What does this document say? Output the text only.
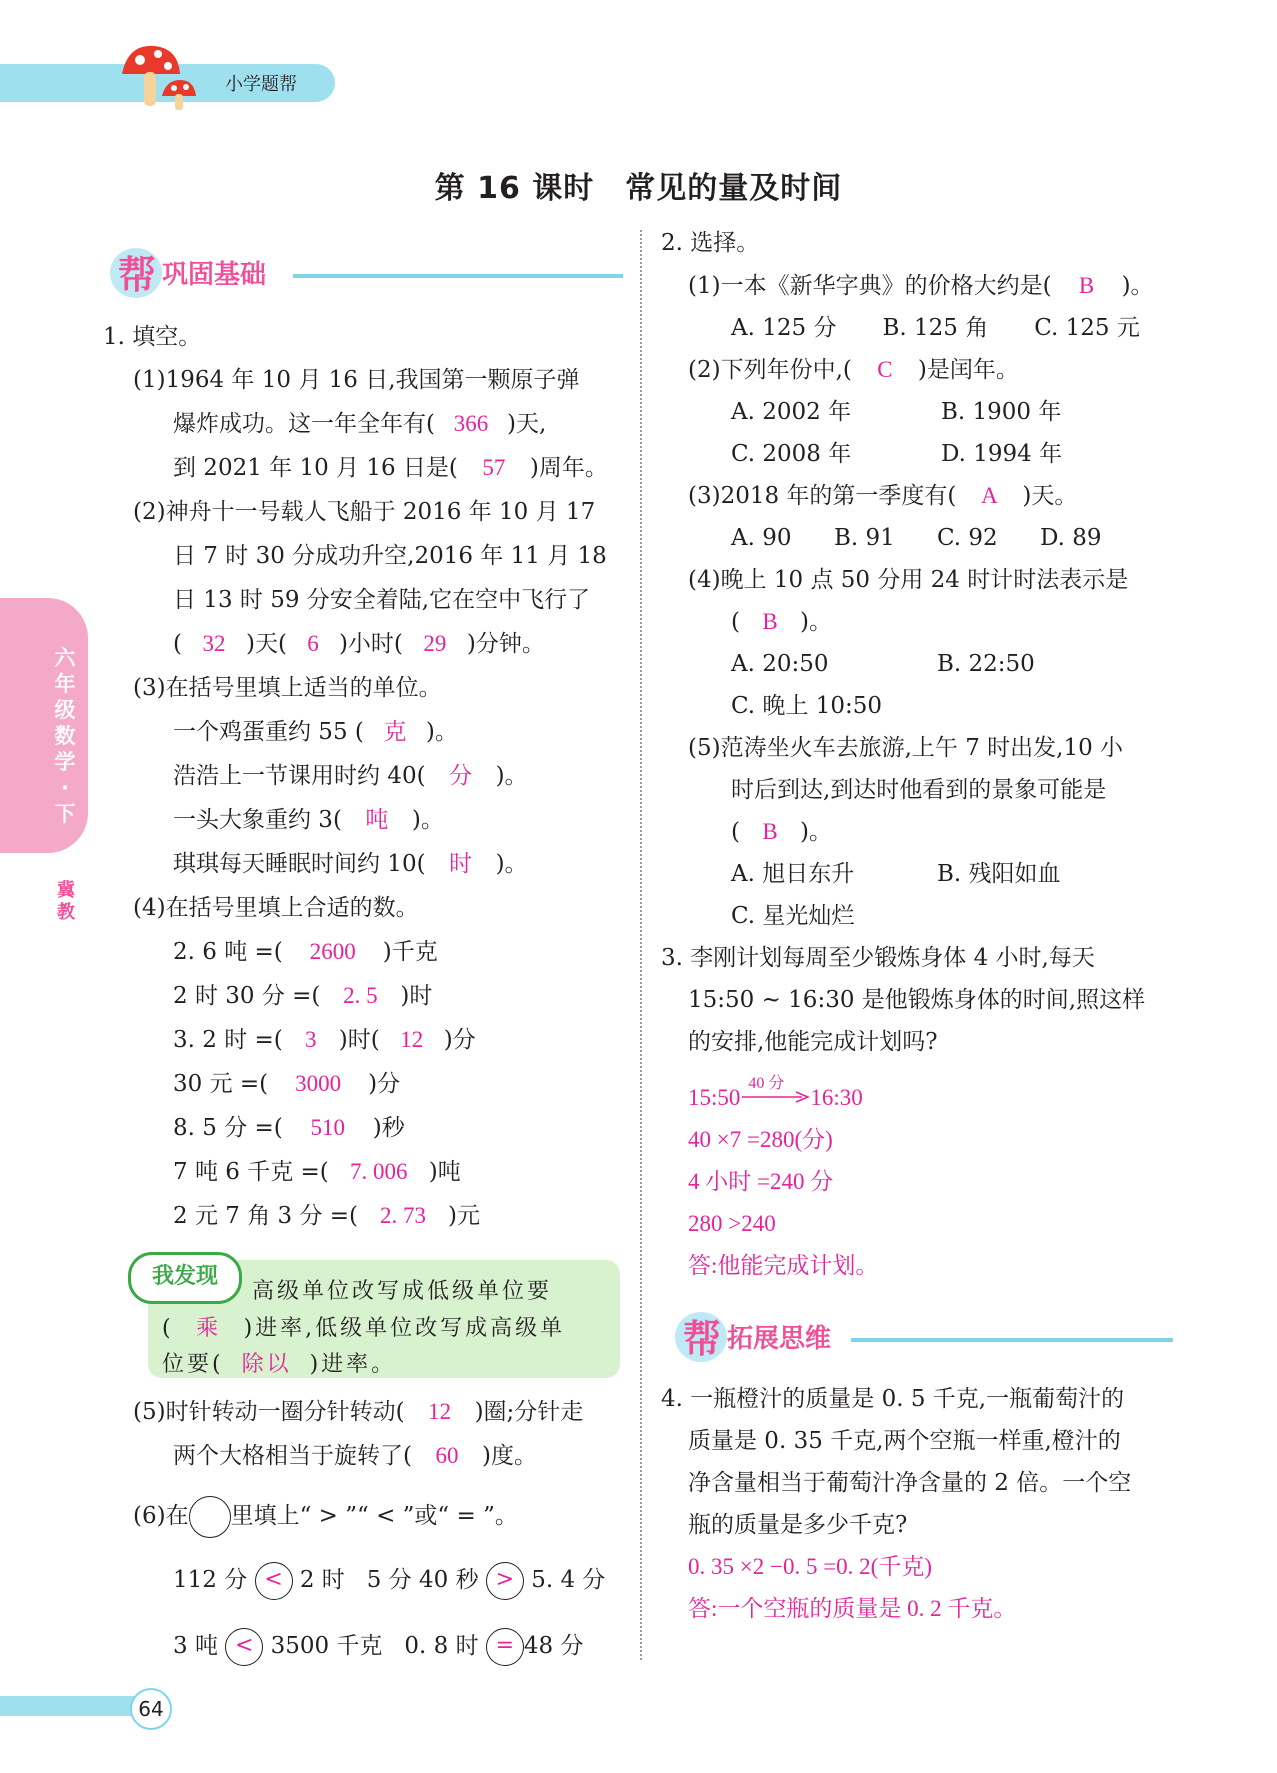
小学题帮
第 16 课时　常见的量及时间
六年级数学·下
冀教
帮 巩固基础
1. 填空。
(1)1964 年 10 月 16 日,我国第一颗原子弹
爆炸成功。这一年全年有( 366 )天,
到 2021 年 10 月 16 日是( 57 )周年。
(2)神舟十一号载人飞船于 2016 年 10 月 17
日 7 时 30 分成功升空,2016 年 11 月 18
日 13 时 59 分安全着陆,它在空中飞行了
( 32 )天( 6 )小时( 29 )分钟。
(3)在括号里填上适当的单位。
一个鸡蛋重约 55 ( 克 )。
浩浩上一节课用时约 40( 分 )。
一头大象重约 3( 吨 )。
琪琪每天睡眠时间约 10( 时 )。
(4)在括号里填上合适的数。
2. 6 吨 =( 2600 )千克
2 时 30 分 =( 2. 5 )时
3. 2 时 =( 3 )时( 12 )分
30 元 =( 3000 )分
8. 5 分 =( 510 )秒
7 吨 6 千克 =( 7. 006 )吨
2 元 7 角 3 分 =( 2. 73 )元
我发现
高级单位改写成低级单位要
( 乘 )进率,低级单位改写成高级单
位要( 除以 )进率。
(5)时针转动一圈分针转动( 12 )圈;分针走
两个大格相当于旋转了( 60 )度。
(6)在 里填上“ > ”“ < ”或“ = ”。
112 分 < 2 时 5 分 40 秒 > 5. 4 分
3 吨 < 3500 千克 0. 8 时 = 48 分
2. 选择。
(1)一本《新华字典》的价格大约是( B )。
A. 125 分 B. 125 角 C. 125 元
(2)下列年份中,( C )是闰年。
A. 2002 年	B. 1900 年
C. 2008 年	D. 1994 年
(3)2018 年的第一季度有( A )天。
A. 90 B. 91 C. 92 D. 89
(4)晚上 10 点 50 分用 24 时计时法表示是
( B )。
A. 20:50	B. 22:50
C. 晚上 10:50
(5)范涛坐火车去旅游,上午 7 时出发,10 小
时后到达,到达时他看到的景象可能是
( B )。
A. 旭日东升	B. 残阳如血
C. 星光灿烂
3. 李刚计划每周至少锻炼身体 4 小时,每天
15:50 ~ 16:30 是他锻炼身体的时间,照这样
的安排,他能完成计划吗?
15:50
40 分
16:30
40 ×7 =280(分)
4 小时 =240 分
280 >240
答:他能完成计划。
帮 拓展思维
4. 一瓶橙汁的质量是 0. 5 千克,一瓶葡萄汁的
质量是 0. 35 千克,两个空瓶一样重,橙汁的
净含量相当于葡萄汁净含量的 2 倍。一个空
瓶的质量是多少千克?
0. 35 ×2 −0. 5 =0. 2(千克)
答:一个空瓶的质量是 0. 2 千克。
64
